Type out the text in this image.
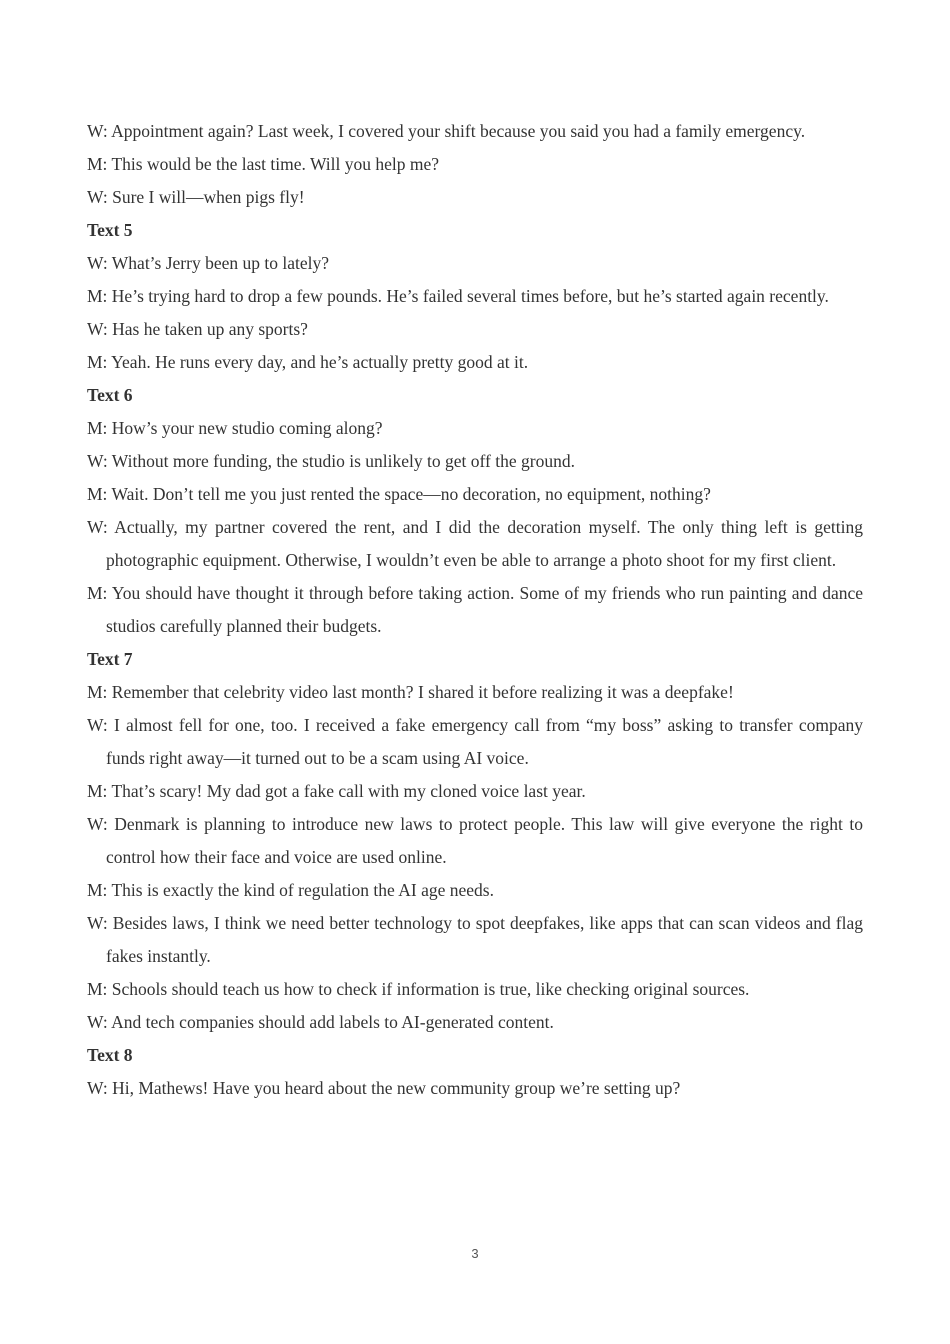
W: Appointment again? Last week, I covered your shift because you said you had a family emergency.

M: This would be the last time. Will you help me?

W: Sure I will—when pigs fly!

Text 5

W: What’s Jerry been up to lately?

M: He’s trying hard to drop a few pounds. He’s failed several times before, but he’s started again recently.

W: Has he taken up any sports?

M: Yeah. He runs every day, and he’s actually pretty good at it.

Text 6

M: How’s your new studio coming along?

W: Without more funding, the studio is unlikely to get off the ground.

M: Wait. Don’t tell me you just rented the space—no decoration, no equipment, nothing?

W: Actually, my partner covered the rent, and I did the decoration myself. The only thing left is getting photographic equipment. Otherwise, I wouldn’t even be able to arrange a photo shoot for my first client.

M: You should have thought it through before taking action. Some of my friends who run painting and dance studios carefully planned their budgets.

Text 7

M: Remember that celebrity video last month? I shared it before realizing it was a deepfake!

W: I almost fell for one, too. I received a fake emergency call from “my boss” asking to transfer company funds right away—it turned out to be a scam using AI voice.

M: That’s scary! My dad got a fake call with my cloned voice last year.

W: Denmark is planning to introduce new laws to protect people. This law will give everyone the right to control how their face and voice are used online.

M: This is exactly the kind of regulation the AI age needs.

W: Besides laws, I think we need better technology to spot deepfakes, like apps that can scan videos and flag fakes instantly.

M: Schools should teach us how to check if information is true, like checking original sources.

W: And tech companies should add labels to AI-generated content.

Text 8

W: Hi, Mathews! Have you heard about the new community group we’re setting up?

3
